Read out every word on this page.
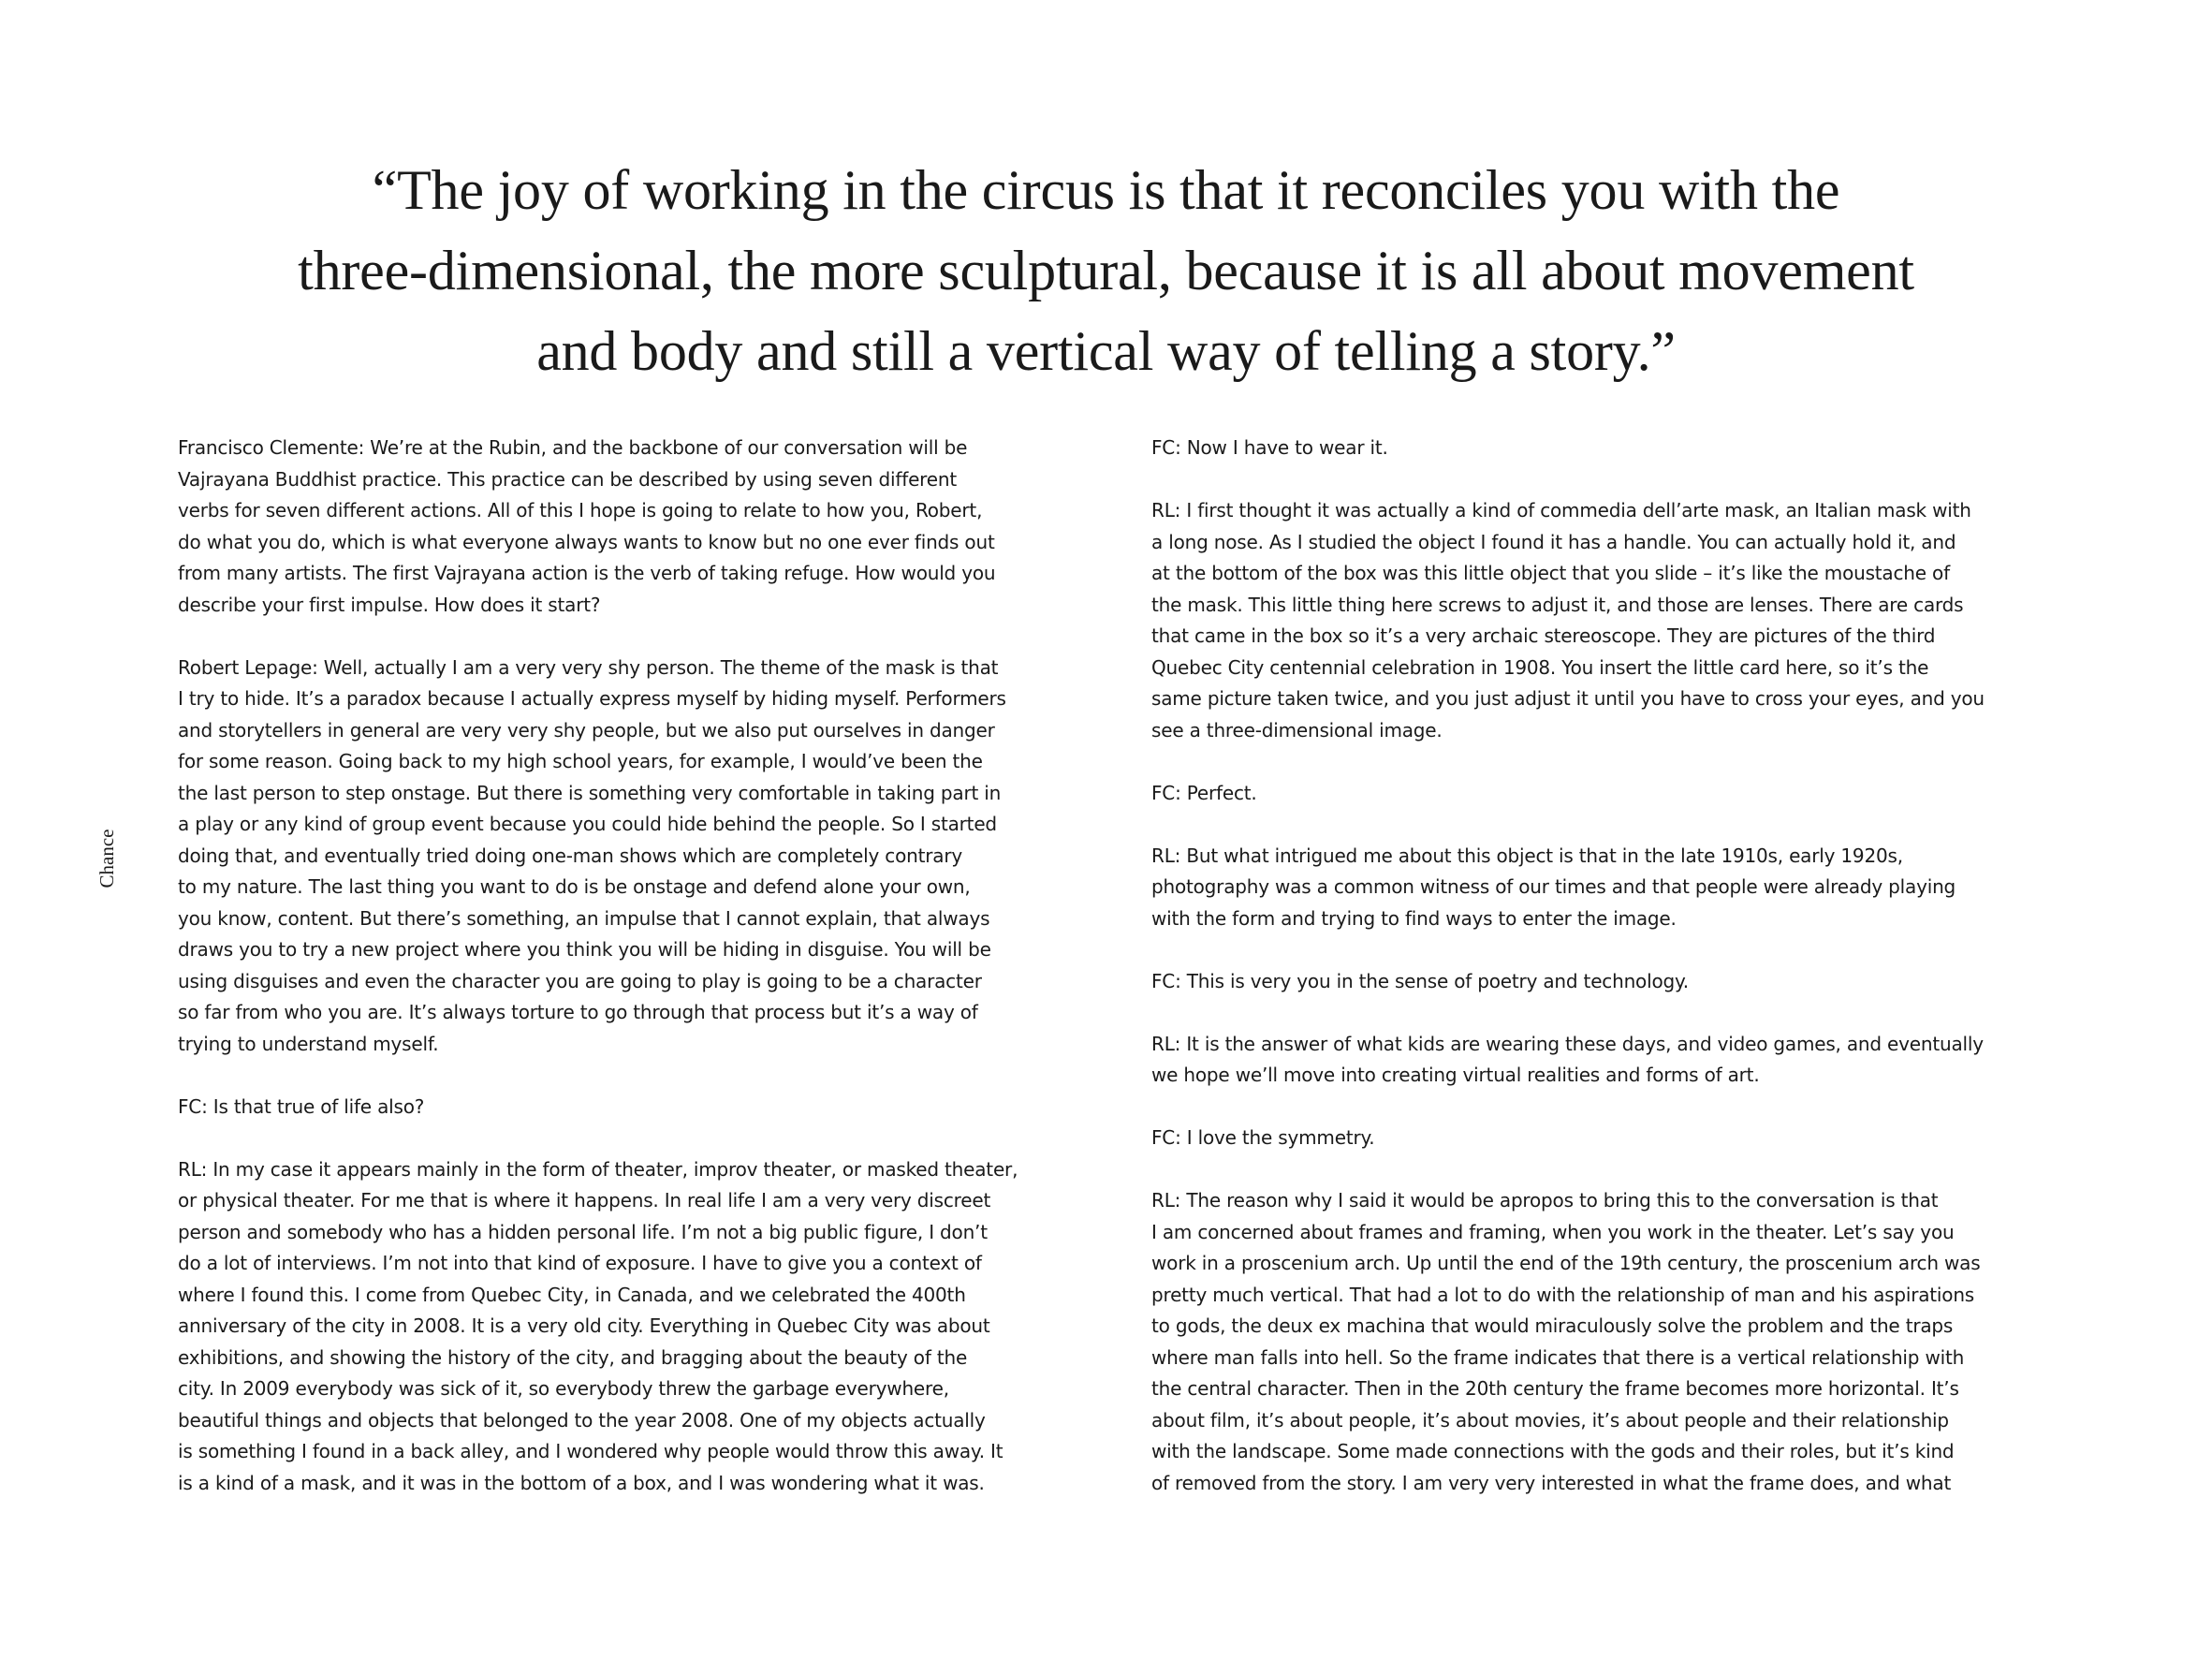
“The joy of working in the circus is that it reconciles you with the
three-dimensional, the more sculptural, because it is all about movement
and body and still a vertical way of telling a story.”

Chance

Francisco Clemente: We’re at the Rubin, and the backbone of our conversation will be
Vajrayana Buddhist practice. This practice can be described by using seven different
verbs for seven different actions. All of this I hope is going to relate to how you, Robert,
do what you do, which is what everyone always wants to know but no one ever finds out
from many artists. The first Vajrayana action is the verb of taking refuge. How would you
describe your first impulse. How does it start?

Robert Lepage: Well, actually I am a very very shy person. The theme of the mask is that
I try to hide. It’s a paradox because I actually express myself by hiding myself. Performers
and storytellers in general are very very shy people, but we also put ourselves in danger
for some reason. Going back to my high school years, for example, I would’ve been the
the last person to step onstage. But there is something very comfortable in taking part in
a play or any kind of group event because you could hide behind the people. So I started
doing that, and eventually tried doing one-man shows which are completely contrary
to my nature. The last thing you want to do is be onstage and defend alone your own,
you know, content. But there’s something, an impulse that I cannot explain, that always
draws you to try a new project where you think you will be hiding in disguise. You will be
using disguises and even the character you are going to play is going to be a character
so far from who you are. It’s always torture to go through that process but it’s a way of
trying to understand myself.

FC: Is that true of life also?

RL: In my case it appears mainly in the form of theater, improv theater, or masked theater,
or physical theater. For me that is where it happens. In real life I am a very very discreet
person and somebody who has a hidden personal life. I’m not a big public figure, I don’t
do a lot of interviews. I’m not into that kind of exposure. I have to give you a context of
where I found this. I come from Quebec City, in Canada, and we celebrated the 400th
anniversary of the city in 2008. It is a very old city. Everything in Quebec City was about
exhibitions, and showing the history of the city, and bragging about the beauty of the
city. In 2009 everybody was sick of it, so everybody threw the garbage everywhere,
beautiful things and objects that belonged to the year 2008. One of my objects actually
is something I found in a back alley, and I wondered why people would throw this away. It
is a kind of a mask, and it was in the bottom of a box, and I was wondering what it was.

FC: Now I have to wear it.

RL: I first thought it was actually a kind of commedia dell’arte mask, an Italian mask with
a long nose. As I studied the object I found it has a handle. You can actually hold it, and
at the bottom of the box was this little object that you slide – it’s like the moustache of
the mask. This little thing here screws to adjust it, and those are lenses. There are cards
that came in the box so it’s a very archaic stereoscope. They are pictures of the third
Quebec City centennial celebration in 1908. You insert the little card here, so it’s the
same picture taken twice, and you just adjust it until you have to cross your eyes, and you
see a three-dimensional image.

FC: Perfect.

RL: But what intrigued me about this object is that in the late 1910s, early 1920s,
photography was a common witness of our times and that people were already playing
with the form and trying to find ways to enter the image.

FC: This is very you in the sense of poetry and technology.

RL: It is the answer of what kids are wearing these days, and video games, and eventually
we hope we’ll move into creating virtual realities and forms of art.

FC: I love the symmetry.

RL: The reason why I said it would be apropos to bring this to the conversation is that
I am concerned about frames and framing, when you work in the theater. Let’s say you
work in a proscenium arch. Up until the end of the 19th century, the proscenium arch was
pretty much vertical. That had a lot to do with the relationship of man and his aspirations
to gods, the deux ex machina that would miraculously solve the problem and the traps
where man falls into hell. So the frame indicates that there is a vertical relationship with
the central character. Then in the 20th century the frame becomes more horizontal. It’s
about film, it’s about people, it’s about movies, it’s about people and their relationship
with the landscape. Some made connections with the gods and their roles, but it’s kind
of removed from the story. I am very very interested in what the frame does, and what
